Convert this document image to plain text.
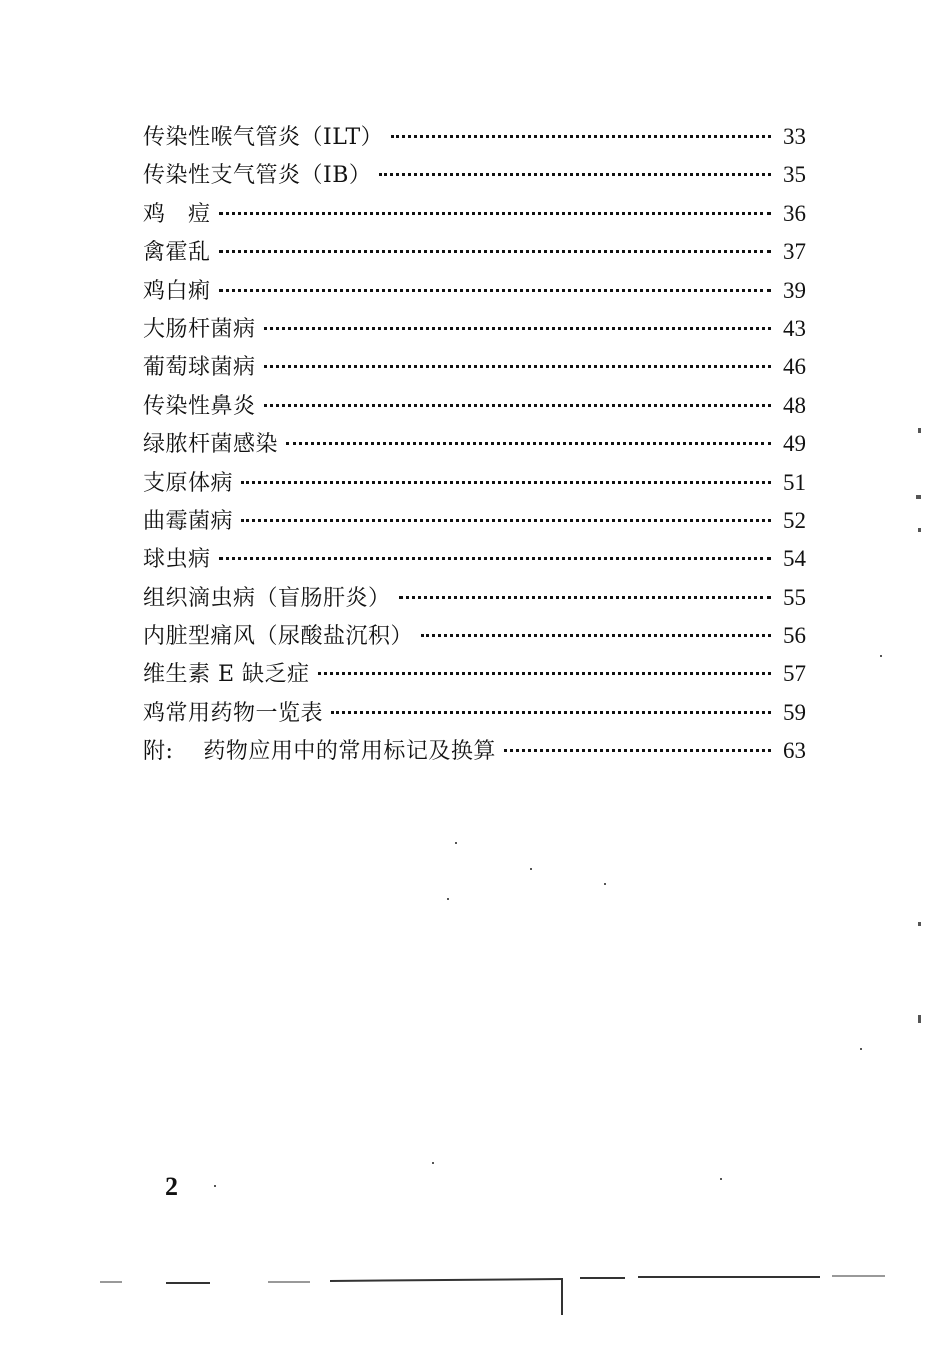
传染性喉气管炎（ILT）	33
传染性支气管炎（IB）	35
鸡　痘	36
禽霍乱	37
鸡白痢	39
大肠杆菌病	43
葡萄球菌病	46
传染性鼻炎	48
绿脓杆菌感染	49
支原体病	51
曲霉菌病	52
球虫病	54
组织滴虫病（盲肠肝炎）	55
内脏型痛风（尿酸盐沉积）	56
维生素 E 缺乏症	57
鸡常用药物一览表	59
附:　 药物应用中的常用标记及换算	63
2
